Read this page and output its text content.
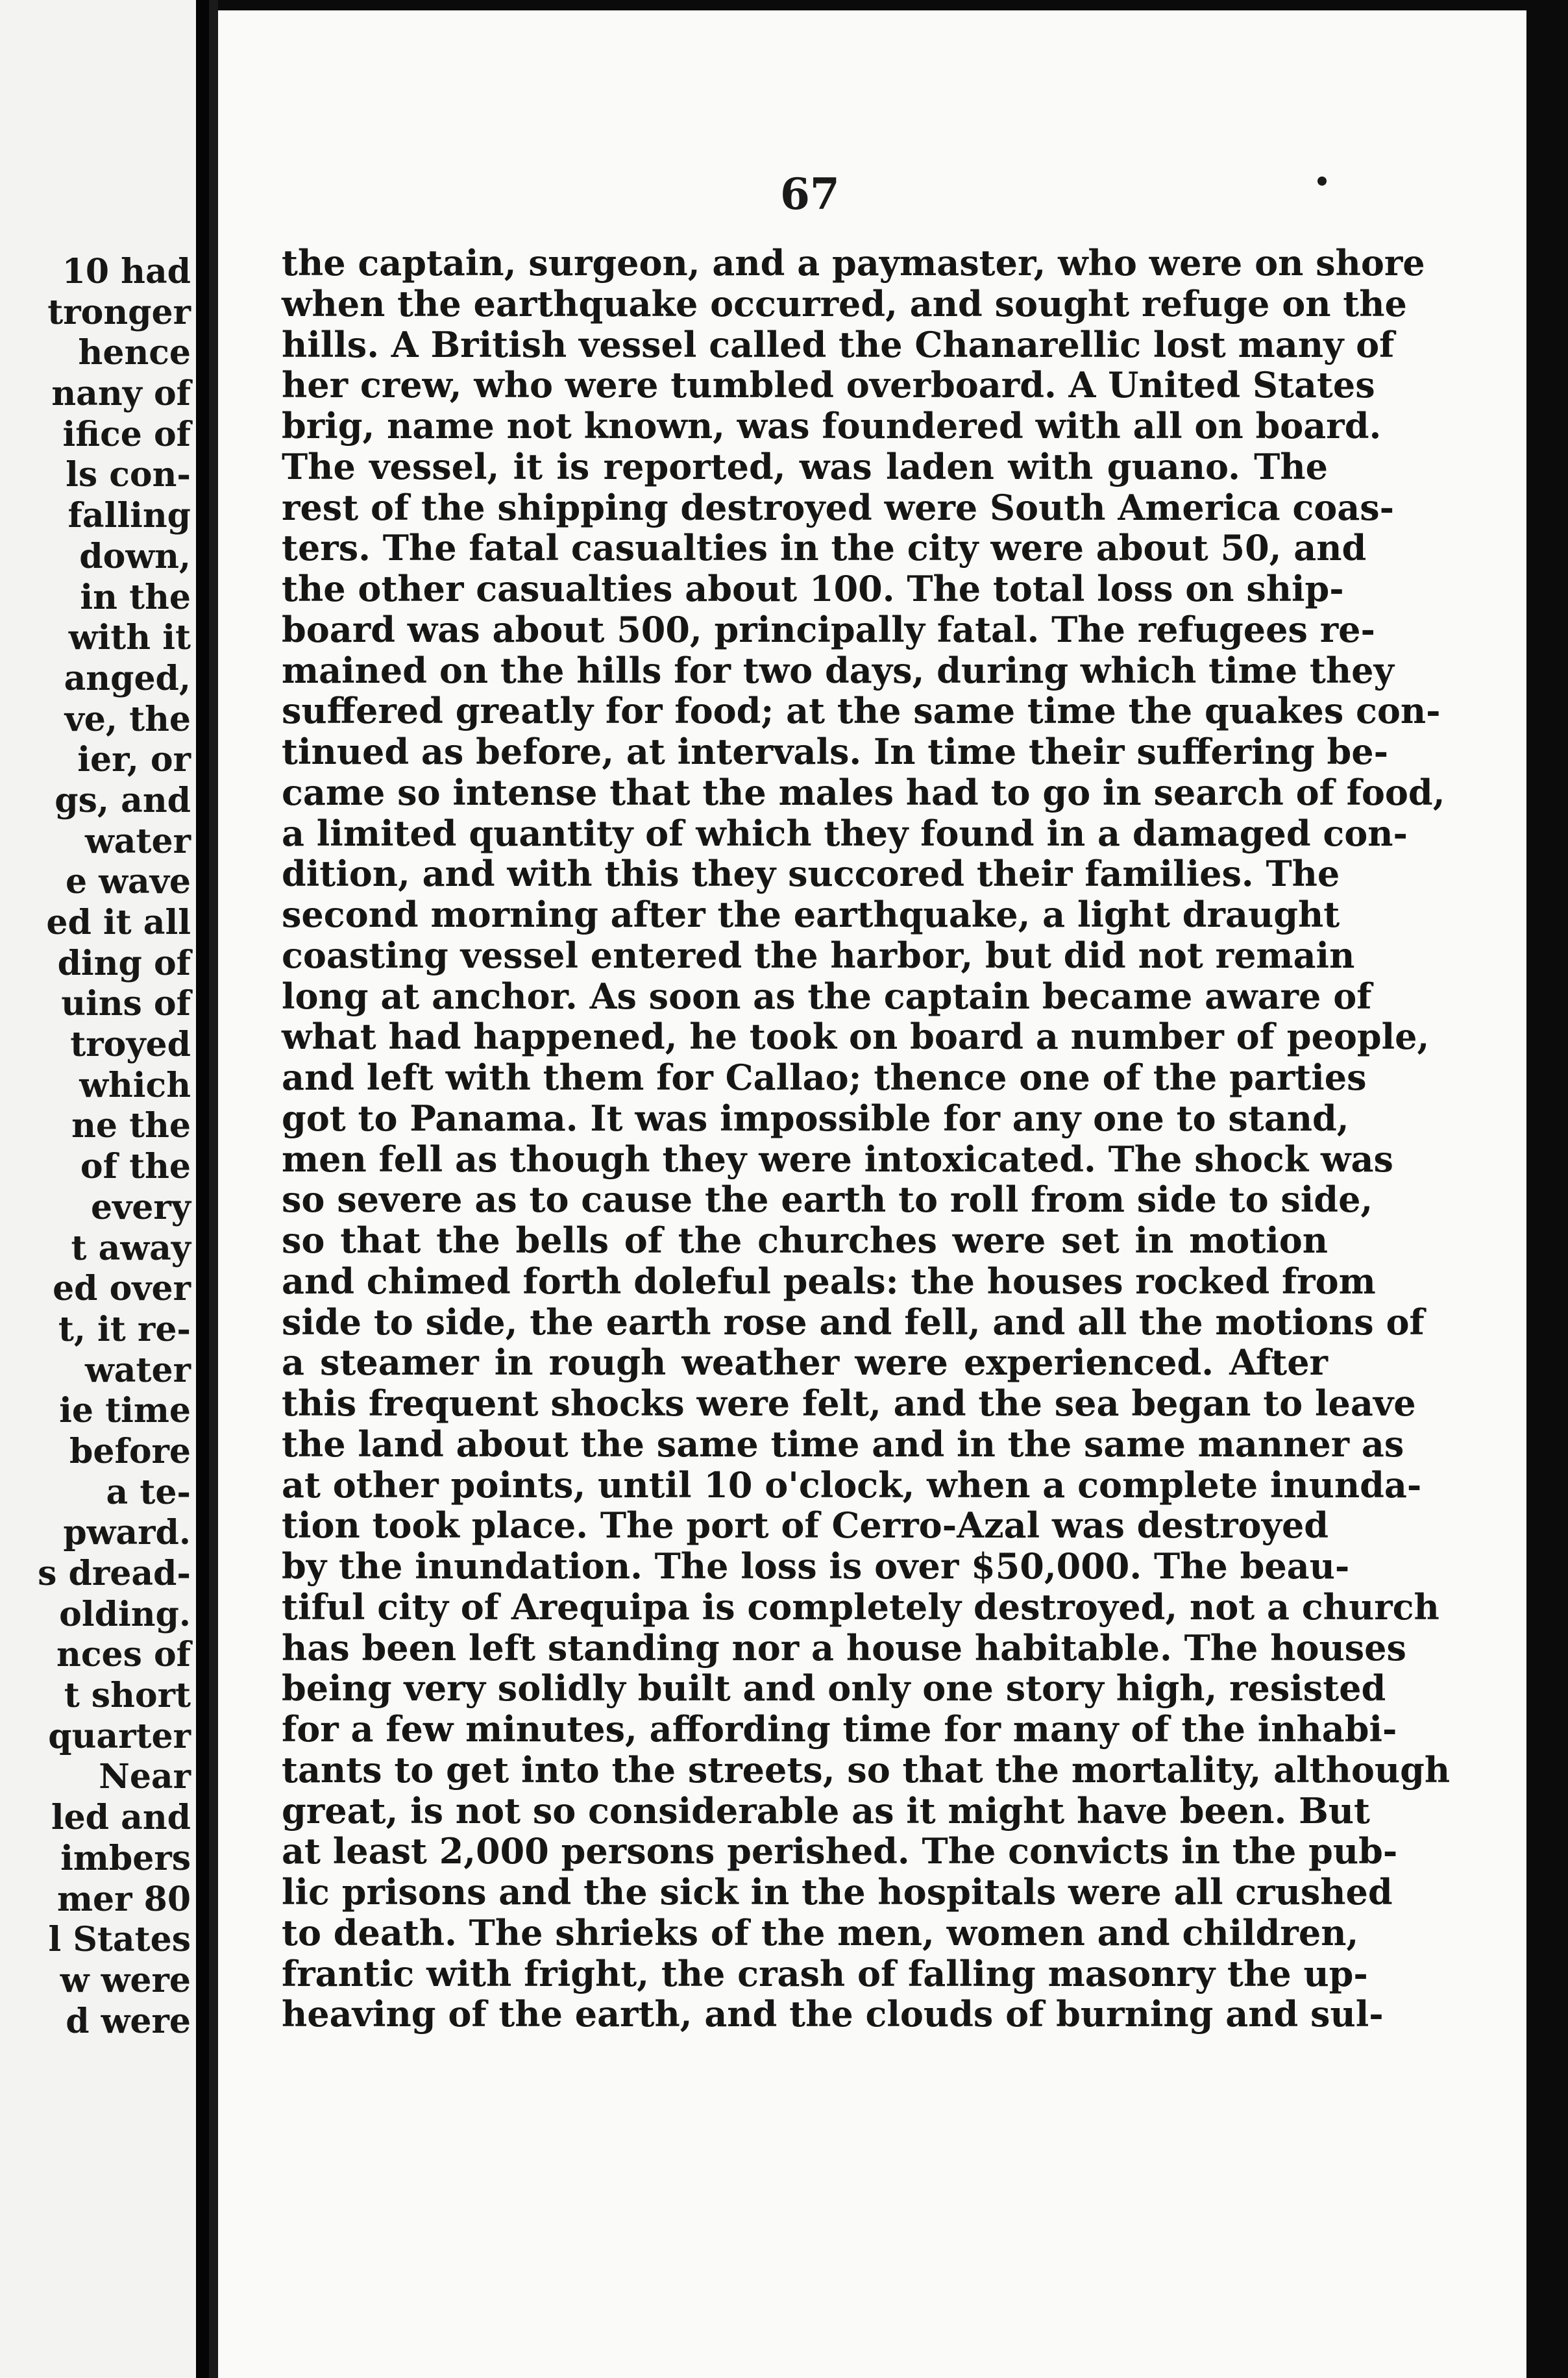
10 had
tronger
hence
nany of
ifice of
ls con-
falling
down,
in the
with it
anged,
ve, the
ier, or
gs, and
water
e wave
ed it all
ding of
uins of
troyed
which
ne the
of the
every
t away
ed over
t, it re-
water
ie time
before
a te-
pward.
s dread-
olding.
nces of
t short
quarter
Near
led and
imbers
mer 80
l States
w were
d were
67
the captain, surgeon, and a paymaster, who were on shore
when the earthquake occurred, and sought refuge on the
hills. A British vessel called the Chanarellic lost many of
her crew, who were tumbled overboard. A United States
brig, name not known, was foundered with all on board.
The vessel, it is reported, was laden with guano. The
rest of the shipping destroyed were South America coas-
ters. The fatal casualties in the city were about 50, and
the other casualties about 100. The total loss on ship-
board was about 500, principally fatal. The refugees re-
mained on the hills for two days, during which time they
suffered greatly for food; at the same time the quakes con-
tinued as before, at intervals. In time their suffering be-
came so intense that the males had to go in search of food,
a limited quantity of which they found in a damaged con-
dition, and with this they succored their families. The
second morning after the earthquake, a light draught
coasting vessel entered the harbor, but did not remain
long at anchor. As soon as the captain became aware of
what had happened, he took on board a number of people,
and left with them for Callao; thence one of the parties
got to Panama. It was impossible for any one to stand,
men fell as though they were intoxicated. The shock was
so severe as to cause the earth to roll from side to side,
so that the bells of the churches were set in motion
and chimed forth doleful peals: the houses rocked from
side to side, the earth rose and fell, and all the motions of
a steamer in rough weather were experienced. After
this frequent shocks were felt, and the sea began to leave
the land about the same time and in the same manner as
at other points, until 10 o'clock, when a complete inunda-
tion took place. The port of Cerro-Azal was destroyed
by the inundation. The loss is over $50,000. The beau-
tiful city of Arequipa is completely destroyed, not a church
has been left standing nor a house habitable. The houses
being very solidly built and only one story high, resisted
for a few minutes, affording time for many of the inhabi-
tants to get into the streets, so that the mortality, although
great, is not so considerable as it might have been. But
at least 2,000 persons perished. The convicts in the pub-
lic prisons and the sick in the hospitals were all crushed
to death. The shrieks of the men, women and children,
frantic with fright, the crash of falling masonry the up-
heaving of the earth, and the clouds of burning and sul-
